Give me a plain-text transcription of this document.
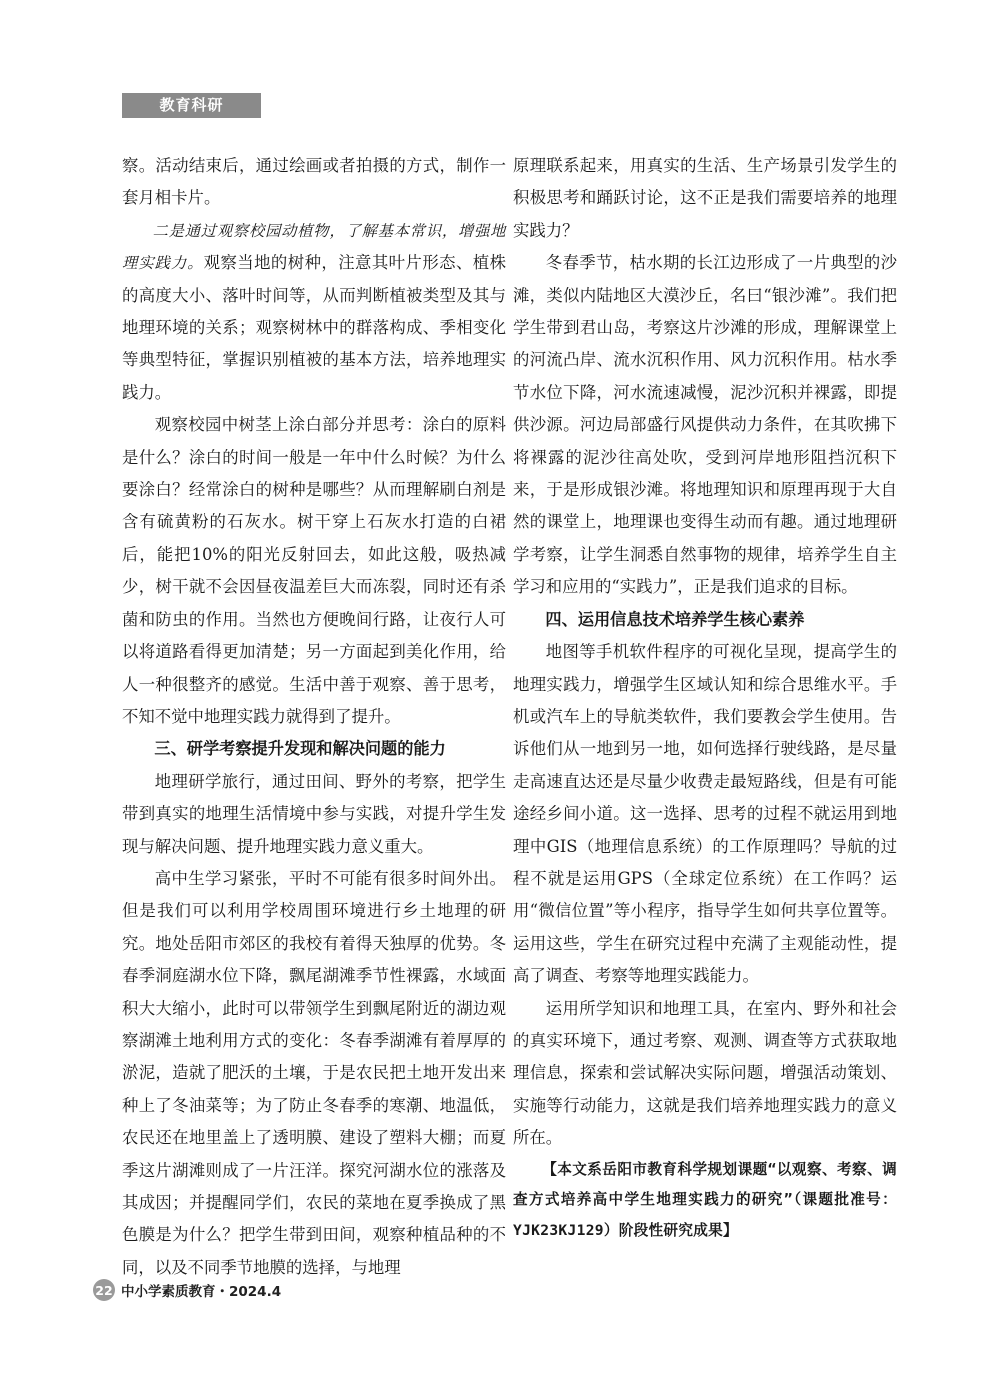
教育科研

察。活动结束后，通过绘画或者拍摄的方式，制作一套月相卡片。

二是通过观察校园动植物，了解基本常识，增强地理实践力。观察当地的树种，注意其叶片形态、植株的高度大小、落叶时间等，从而判断植被类型及其与地理环境的关系；观察树林中的群落构成、季相变化等典型特征，掌握识别植被的基本方法，培养地理实践力。

观察校园中树茎上涂白部分并思考：涂白的原料是什么？涂白的时间一般是一年中什么时候？为什么要涂白？经常涂白的树种是哪些？从而理解刷白剂是含有硫黄粉的石灰水。树干穿上石灰水打造的白裙后，能把10%的阳光反射回去，如此这般，吸热减少，树干就不会因昼夜温差巨大而冻裂，同时还有杀菌和防虫的作用。当然也方便晚间行路，让夜行人可以将道路看得更加清楚；另一方面起到美化作用，给人一种很整齐的感觉。生活中善于观察、善于思考，不知不觉中地理实践力就得到了提升。

三、研学考察提升发现和解决问题的能力

地理研学旅行，通过田间、野外的考察，把学生带到真实的地理生活情境中参与实践，对提升学生发现与解决问题、提升地理实践力意义重大。

高中生学习紧张，平时不可能有很多时间外出。但是我们可以利用学校周围环境进行乡土地理的研究。地处岳阳市郊区的我校有着得天独厚的优势。冬春季洞庭湖水位下降，飘尾湖滩季节性裸露，水域面积大大缩小，此时可以带领学生到飘尾附近的湖边观察湖滩土地利用方式的变化：冬春季湖滩有着厚厚的淤泥，造就了肥沃的土壤，于是农民把土地开发出来种上了冬油菜等；为了防止冬春季的寒潮、地温低，农民还在地里盖上了透明膜、建设了塑料大棚；而夏季这片湖滩则成了一片汪洋。探究河湖水位的涨落及其成因；并提醒同学们，农民的菜地在夏季换成了黑色膜是为什么？把学生带到田间，观察种植品种的不同，以及不同季节地膜的选择，与地理

原理联系起来，用真实的生活、生产场景引发学生的积极思考和踊跃讨论，这不正是我们需要培养的地理实践力？

冬春季节，枯水期的长江边形成了一片典型的沙滩，类似内陆地区大漠沙丘，名曰“银沙滩”。我们把学生带到君山岛，考察这片沙滩的形成，理解课堂上的河流凸岸、流水沉积作用、风力沉积作用。枯水季节水位下降，河水流速减慢，泥沙沉积并裸露，即提供沙源。河边局部盛行风提供动力条件，在其吹拂下将裸露的泥沙往高处吹，受到河岸地形阻挡沉积下来，于是形成银沙滩。将地理知识和原理再现于大自然的课堂上，地理课也变得生动而有趣。通过地理研学考察，让学生洞悉自然事物的规律，培养学生自主学习和应用的“实践力”，正是我们追求的目标。

四、运用信息技术培养学生核心素养

地图等手机软件程序的可视化呈现，提高学生的地理实践力，增强学生区域认知和综合思维水平。手机或汽车上的导航类软件，我们要教会学生使用。告诉他们从一地到另一地，如何选择行驶线路，是尽量走高速直达还是尽量少收费走最短路线，但是有可能途经乡间小道。这一选择、思考的过程不就运用到地理中GIS（地理信息系统）的工作原理吗？导航的过程不就是运用GPS（全球定位系统）在工作吗？运用“微信位置”等小程序，指导学生如何共享位置等。运用这些，学生在研究过程中充满了主观能动性，提高了调查、考察等地理实践能力。

运用所学知识和地理工具，在室内、野外和社会的真实环境下，通过考察、观测、调查等方式获取地理信息，探索和尝试解决实际问题，增强活动策划、实施等行动能力，这就是我们培养地理实践力的意义所在。

【本文系岳阳市教育科学规划课题“以观察、考察、调查方式培养高中学生地理实践力的研究”（课题批准号：YJK23KJ129）阶段性研究成果】

22 中小学素质教育・2024.4
